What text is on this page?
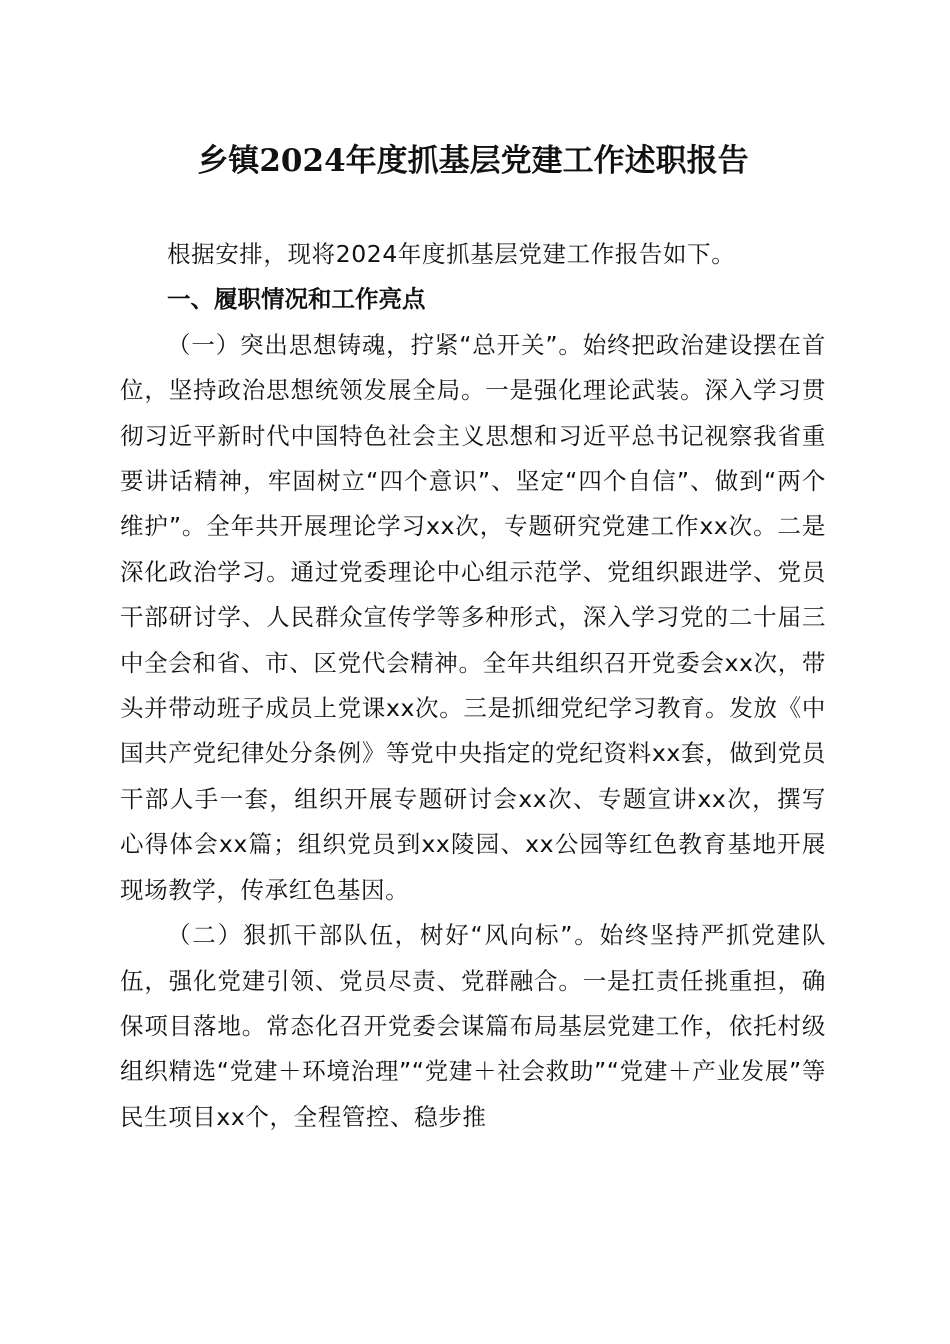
乡镇2024年度抓基层党建工作述职报告

根据安排，现将2024年度抓基层党建工作报告如下。

一、履职情况和工作亮点

（一）突出思想铸魂，拧紧“总开关”。始终把政治建设摆在首位，坚持政治思想统领发展全局。一是强化理论武装。深入学习贯彻习近平新时代中国特色社会主义思想和习近平总书记视察我省重要讲话精神，牢固树立“四个意识”、坚定“四个自信”、做到“两个维护”。全年共开展理论学习xx次，专题研究党建工作xx次。二是深化政治学习。通过党委理论中心组示范学、党组织跟进学、党员干部研讨学、人民群众宣传学等多种形式，深入学习党的二十届三中全会和省、市、区党代会精神。全年共组织召开党委会xx次，带头并带动班子成员上党课xx次。三是抓细党纪学习教育。发放《中国共产党纪律处分条例》等党中央指定的党纪资料xx套，做到党员干部人手一套，组织开展专题研讨会xx次、专题宣讲xx次，撰写心得体会xx篇；组织党员到xx陵园、xx公园等红色教育基地开展现场教学，传承红色基因。

（二）狠抓干部队伍，树好“风向标”。始终坚持严抓党建队伍，强化党建引领、党员尽责、党群融合。一是扛责任挑重担，确保项目落地。常态化召开党委会谋篇布局基层党建工作，依托村级组织精选“党建＋环境治理”“党建＋社会救助”“党建＋产业发展”等民生项目xx个，全程管控、稳步推
